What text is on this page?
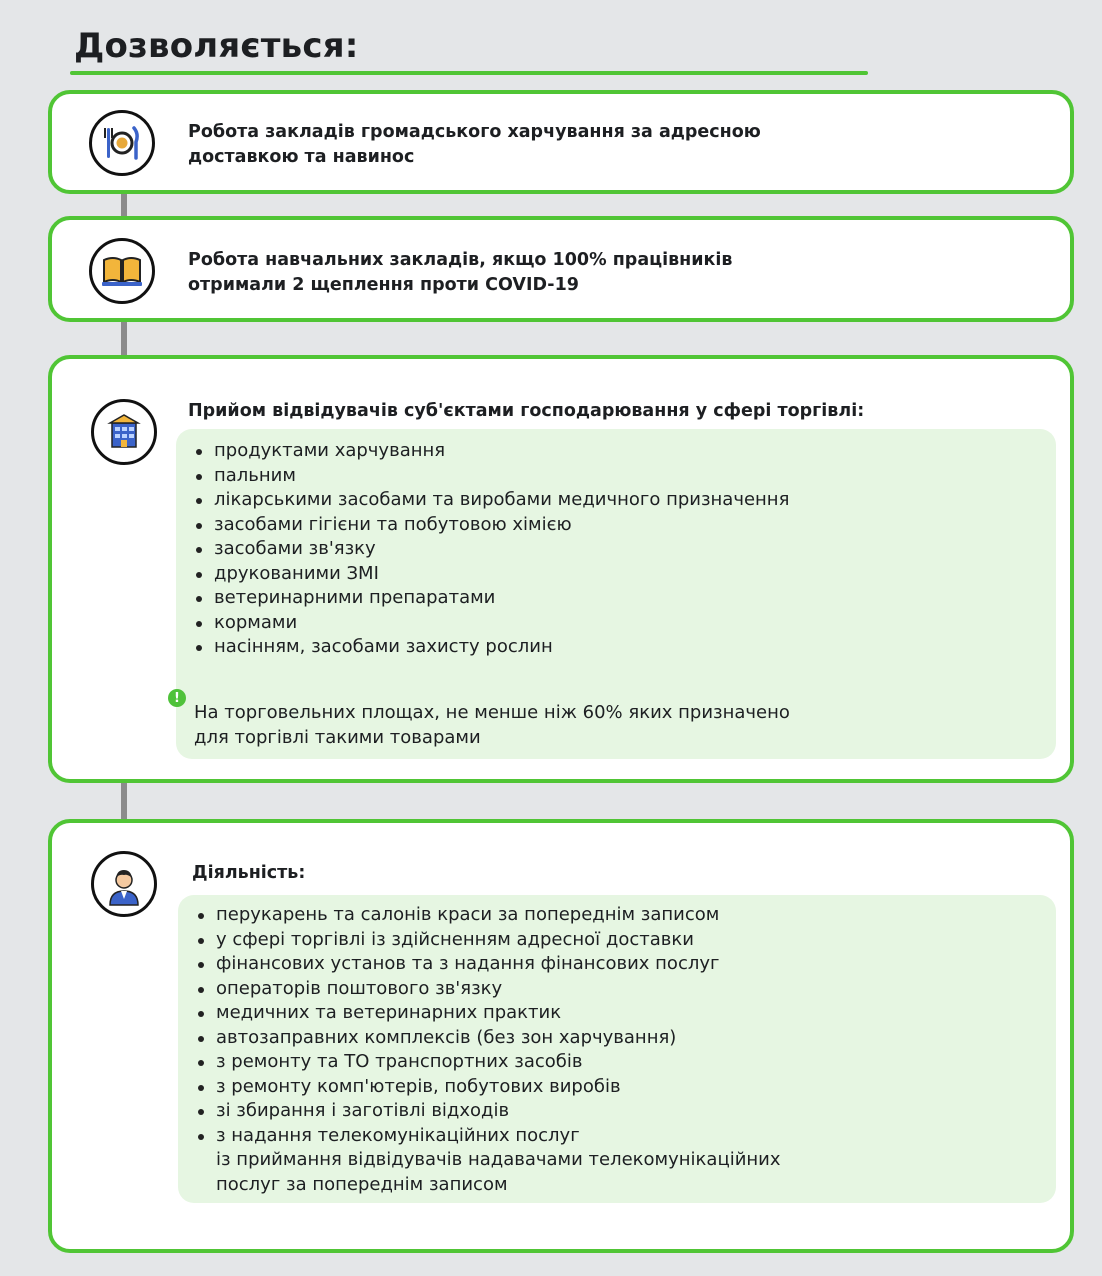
Дозволяється:
Робота закладів громадського харчування за адресною
доставкою та навинос
Робота навчальних закладів, якщо 100% працівників
отримали 2 щеплення проти COVID-19
Прийом відвідувачів суб'єктами господарювання у сфері торгівлі:
продуктами харчування
пальним
лікарськими засобами та виробами медичного призначення
засобами гігієни та побутовою хімією
засобами зв'язку
друкованими ЗМІ
ветеринарними препаратами
кормами
насінням, засобами захисту рослин
!
На торговельних площах, не менше ніж 60% яких призначено
для торгівлі такими товарами
Діяльність:
перукарень та салонів краси за попереднім записом
у сфері торгівлі із здійсненням адресної доставки
фінансових установ та з надання фінансових послуг
операторів поштового зв'язку
медичних та ветеринарних практик
автозаправних комплексів (без зон харчування)
з ремонту та ТО транспортних засобів
з ремонту комп'ютерів, побутових виробів
зі збирання і заготівлі відходів
з надання телекомунікаційних послуг
із приймання відвідувачів надавачами телекомунікаційних
послуг за попереднім записом
